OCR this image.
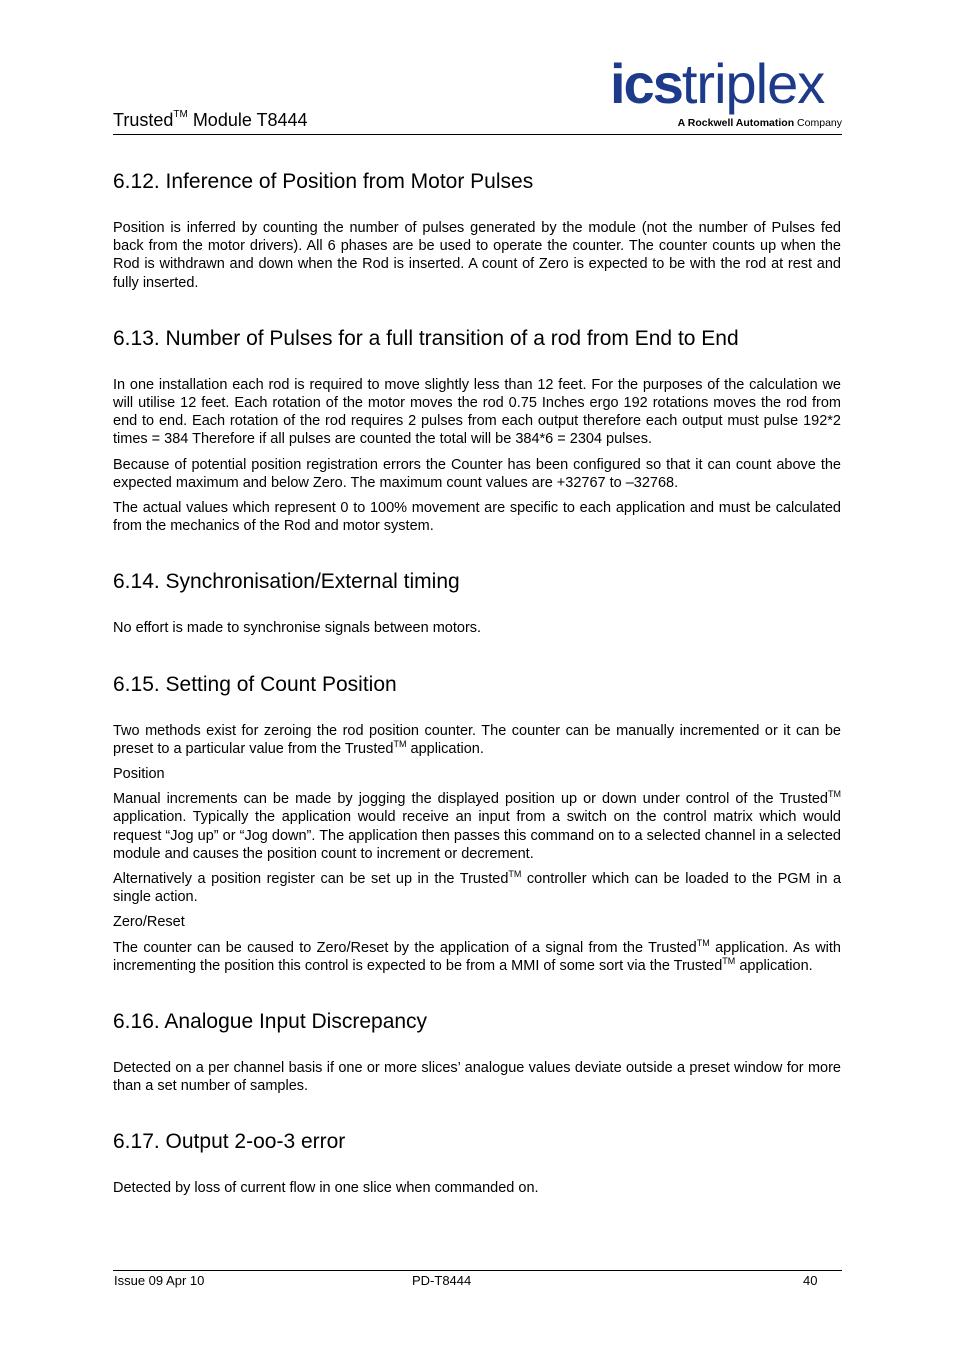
Trusted™ Module T8444
icstriplex
A Rockwell Automation Company
6.12. Inference of Position from Motor Pulses

Position is inferred by counting the number of pulses generated by the module (not the number of Pulses fed back from the motor drivers). All 6 phases are be used to operate the counter. The counter counts up when the Rod is withdrawn and down when the Rod is inserted. A count of Zero is expected to be with the rod at rest and fully inserted.

6.13. Number of Pulses for a full transition of a rod from End to End

In one installation each rod is required to move slightly less than 12 feet. For the purposes of the calculation we will utilise 12 feet. Each rotation of the motor moves the rod 0.75 Inches ergo 192 rotations moves the rod from end to end. Each rotation of the rod requires 2 pulses from each output therefore each output must pulse 192*2 times = 384 Therefore if all pulses are counted the total will be 384*6 = 2304 pulses.

Because of potential position registration errors the Counter has been configured so that it can count above the expected maximum and below Zero. The maximum count values are +32767 to –32768.

The actual values which represent 0 to 100% movement are specific to each application and must be calculated from the mechanics of the Rod and motor system.

6.14. Synchronisation/External timing

No effort is made to synchronise signals between motors.

6.15. Setting of Count Position

Two methods exist for zeroing the rod position counter. The counter can be manually incremented or it can be preset to a particular value from the Trusted™ application.

Position

Manual increments can be made by jogging the displayed position up or down under control of the Trusted™ application. Typically the application would receive an input from a switch on the control matrix which would request “Jog up” or “Jog down”. The application then passes this command on to a selected channel in a selected module and causes the position count to increment or decrement.

Alternatively a position register can be set up in the Trusted™ controller which can be loaded to the PGM in a single action.

Zero/Reset

The counter can be caused to Zero/Reset by the application of a signal from the Trusted™ application. As with incrementing the position this control is expected to be from a MMI of some sort via the Trusted™ application.

6.16. Analogue Input Discrepancy

Detected on a per channel basis if one or more slices’ analogue values deviate outside a preset window for more than a set number of samples.

6.17. Output 2-oo-3 error

Detected by loss of current flow in one slice when commanded on.

Issue 09 Apr 10	PD-T8444	40
